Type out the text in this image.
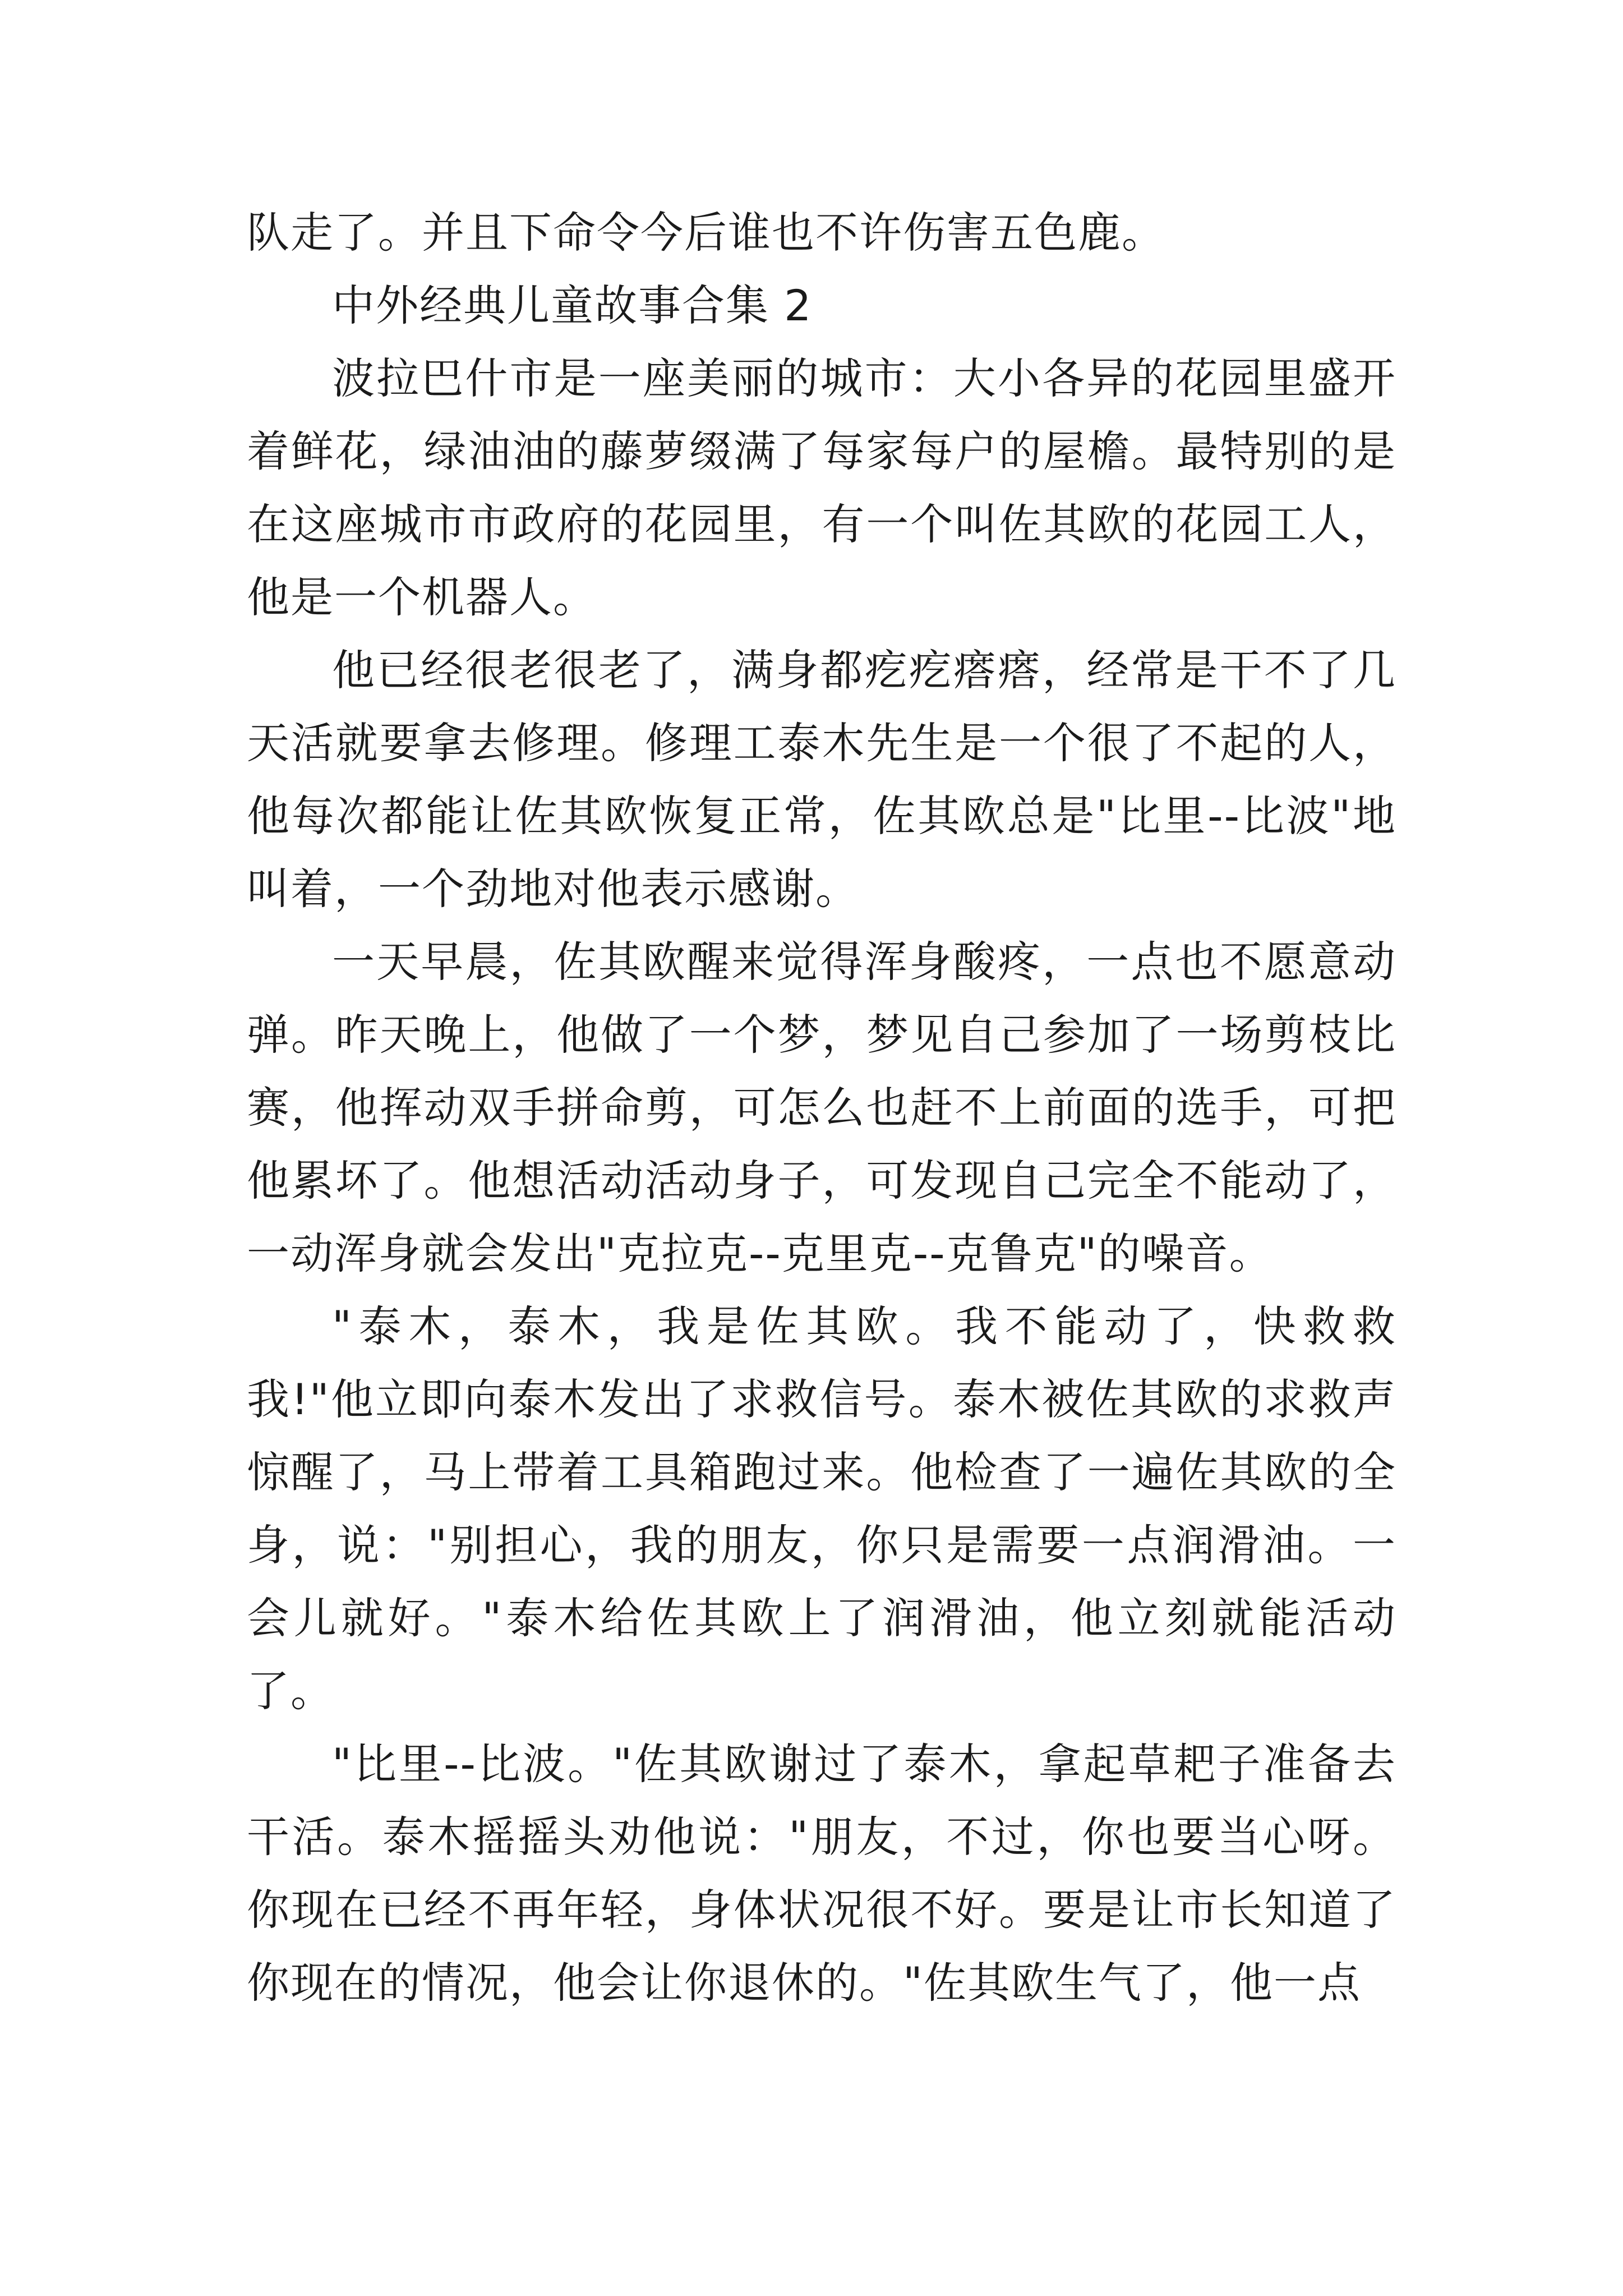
队走了。并且下命令今后谁也不许伤害五色鹿。

中外经典儿童故事合集 2

波拉巴什市是一座美丽的城市：大小各异的花园里盛开着鲜花，绿油油的藤萝缀满了每家每户的屋檐。最特别的是在这座城市市政府的花园里，有一个叫佐其欧的花园工人，他是一个机器人。

他已经很老很老了，满身都疙疙瘩瘩，经常是干不了几天活就要拿去修理。修理工泰木先生是一个很了不起的人，他每次都能让佐其欧恢复正常，佐其欧总是"比里--比波"地叫着，一个劲地对他表示感谢。

一天早晨，佐其欧醒来觉得浑身酸疼，一点也不愿意动弹。昨天晚上，他做了一个梦，梦见自己参加了一场剪枝比赛，他挥动双手拼命剪，可怎么也赶不上前面的选手，可把他累坏了。他想活动活动身子，可发现自己完全不能动了，一动浑身就会发出"克拉克--克里克--克鲁克"的噪音。

"泰木，泰木，我是佐其欧。我不能动了，快救救我!"他立即向泰木发出了求救信号。泰木被佐其欧的求救声惊醒了，马上带着工具箱跑过来。他检查了一遍佐其欧的全身，说："别担心，我的朋友，你只是需要一点润滑油。一会儿就好。"泰木给佐其欧上了润滑油，他立刻就能活动了。

"比里--比波。"佐其欧谢过了泰木，拿起草耙子准备去干活。泰木摇摇头劝他说："朋友，不过，你也要当心呀。你现在已经不再年轻，身体状况很不好。要是让市长知道了你现在的情况，他会让你退休的。"佐其欧生气了，他一点
